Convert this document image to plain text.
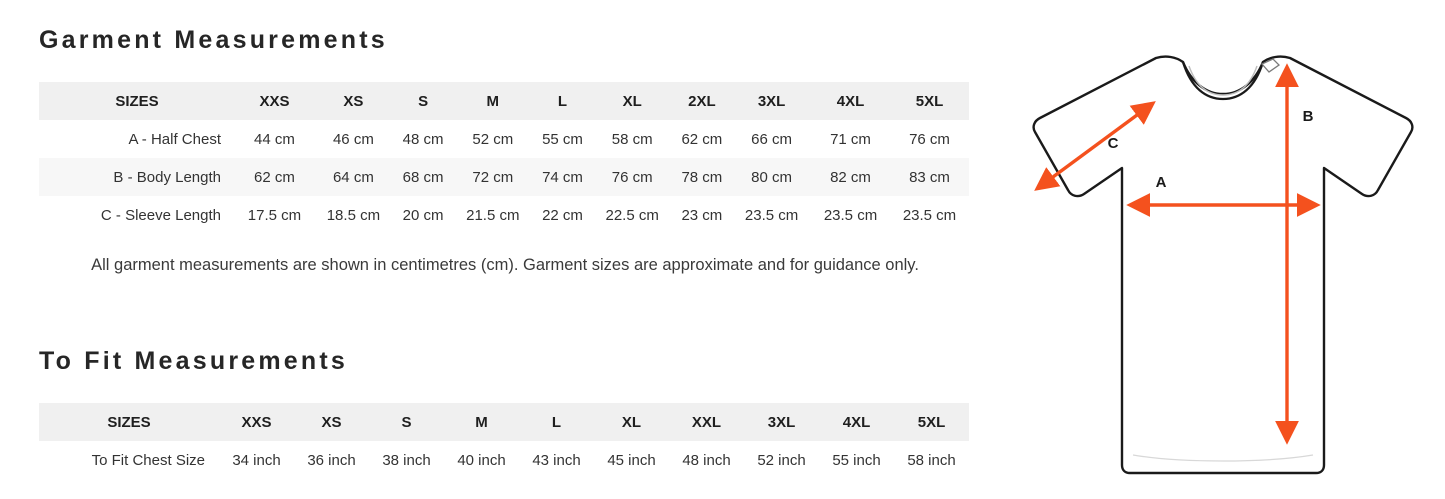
Garment Measurements
SIZES	XXS	XS	S	M	L	XL	2XL	3XL	4XL	5XL
A - Half Chest	44 cm	46 cm	48 cm	52 cm	55 cm	58 cm	62 cm	66 cm	71 cm	76 cm
B - Body Length	62 cm	64 cm	68 cm	72 cm	74 cm	76 cm	78 cm	80 cm	82 cm	83 cm
C - Sleeve Length	17.5 cm	18.5 cm	20 cm	21.5 cm	22 cm	22.5 cm	23 cm	23.5 cm	23.5 cm	23.5 cm
All garment measurements are shown in centimetres (cm). Garment sizes are approximate and for guidance only.
To Fit Measurements
SIZES	XXS	XS	S	M	L	XL	XXL	3XL	4XL	5XL
To Fit Chest Size	34 inch	36 inch	38 inch	40 inch	43 inch	45 inch	48 inch	52 inch	55 inch	58 inch
A
B
C
